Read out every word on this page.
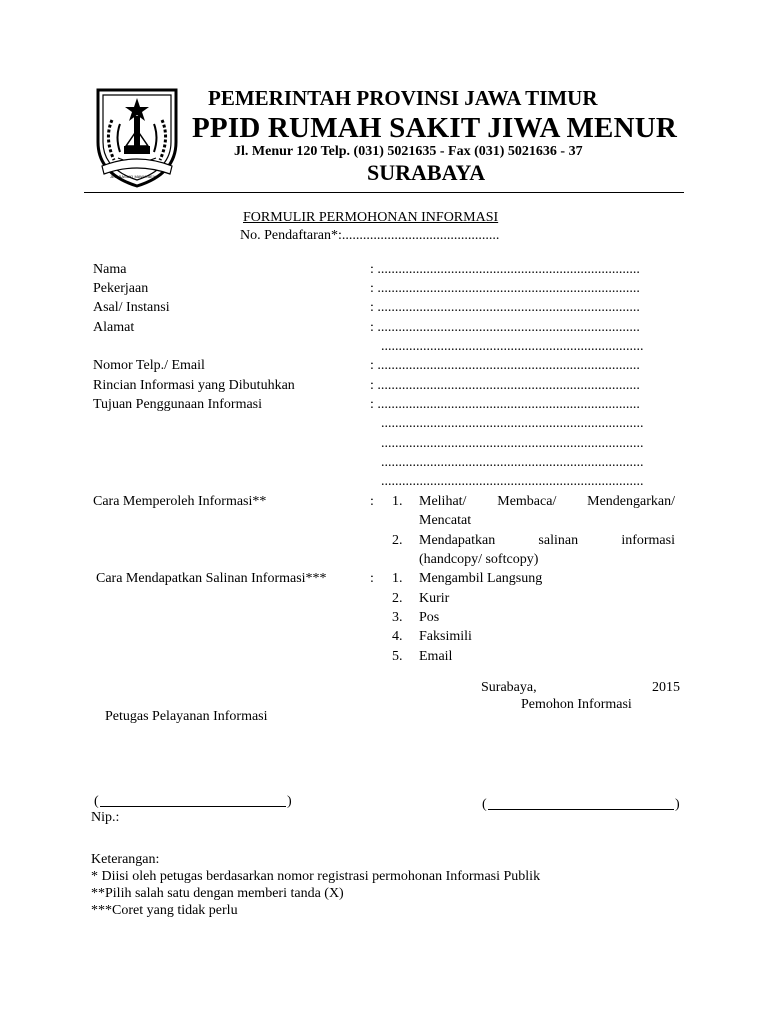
JER BASUKI MAWA BEYA
PEMERINTAH PROVINSI JAWA TIMUR
PPID RUMAH SAKIT JIWA MENUR
Jl. Menur 120 Telp. (031) 5021635 - Fax (031) 5021636 - 37
SURABAYA
FORMULIR PERMOHONAN INFORMASI
No. Pendaftaran*:.............................................
Nama	: ...........................................................................
Pekerjaan	: ...........................................................................
Asal/ Instansi	: ...........................................................................
Alamat	: ...........................................................................
...........................................................................
Nomor Telp./ Email	: ...........................................................................
Rincian Informasi yang Dibutuhkan	: ...........................................................................
Tujuan Penggunaan Informasi	: ...........................................................................
...........................................................................
...........................................................................
...........................................................................
...........................................................................
Cara Memperoleh Informasi**	: 1. Melihat/ Membaca/ Mendengarkan/
Mencatat
2. Mendapatkan salinan informasi
(handcopy/ softcopy)
Cara Mendapatkan Salinan Informasi***	: 1. Mengambil Langsung
2. Kurir
3. Pos
4. Faksimili
5. Email
Surabaya,	2015
Pemohon Informasi
Petugas Pelayanan Informasi
(	)
Nip.:
(	)
Keterangan:
* Diisi oleh petugas berdasarkan nomor registrasi permohonan Informasi Publik
**Pilih salah satu dengan memberi tanda (X)
***Coret yang tidak perlu
